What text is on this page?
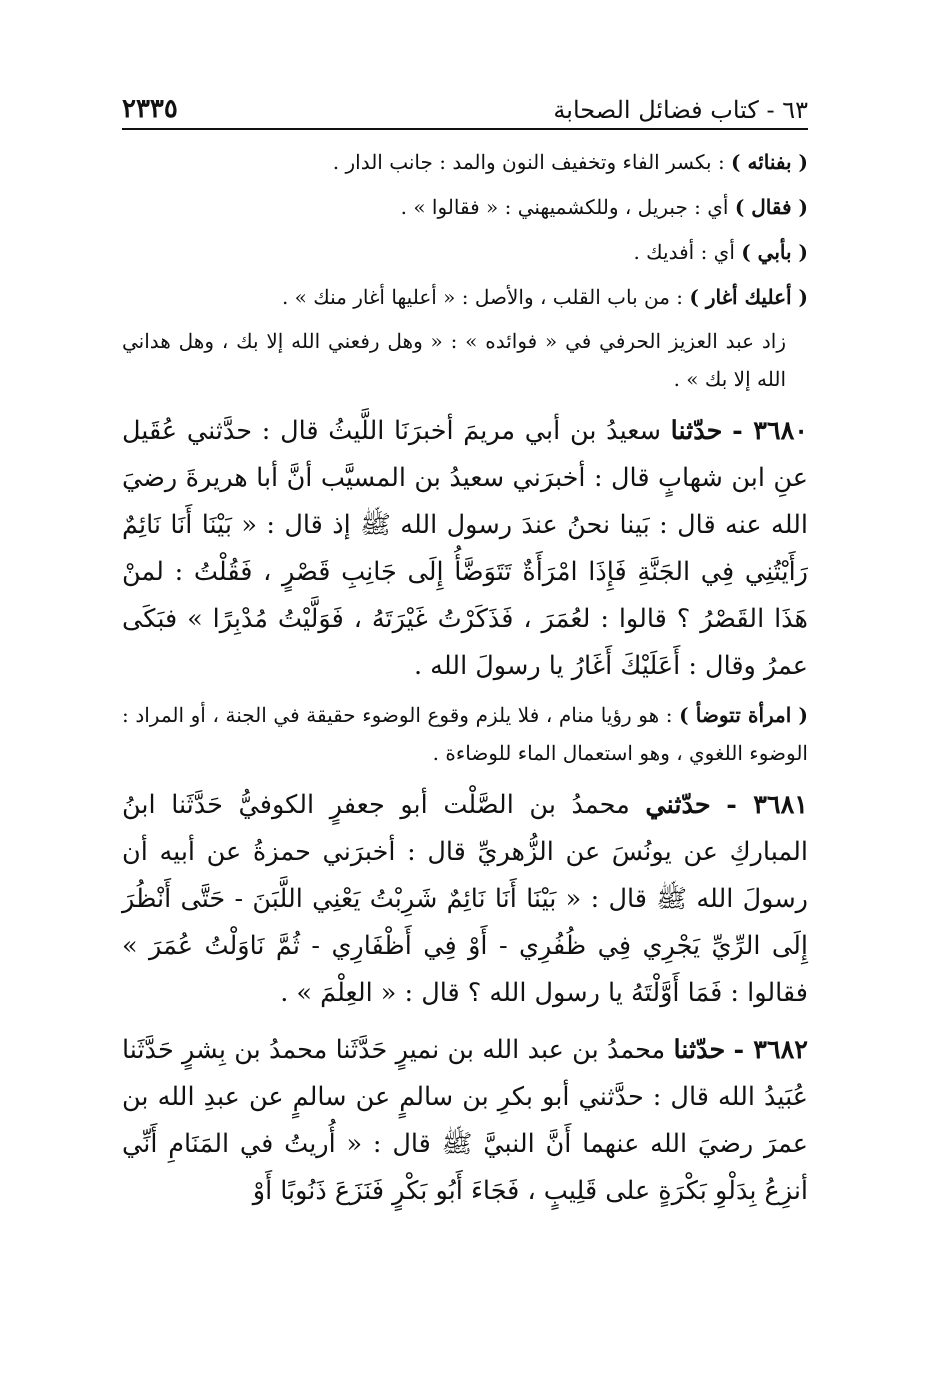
٦٣ - كتاب فضائل الصحابة
٢٣٣٥

( بفنائه ) : بكسر الفاء وتخفيف النون والمد : جانب الدار .

( فقال ) أي : جبريل ، وللكشميهني : « فقالوا » .

( بأبي ) أي : أفديك .

( أعليك أغار ) : من باب القلب ، والأصل : « أعليها أغار منك » .

زاد عبد العزيز الحرفي في « فوائده » : « وهل رفعني الله إلا بك ، وهل هداني الله إلا بك » .

٣٦٨٠ - حدّثنا سعيدُ بن أبي مريمَ أخبرَنَا اللَّيثُ قال : حدَّثني عُقَيل عنِ ابن شهابٍ قال : أخبرَني سعيدُ بن المسيَّب أنَّ أبا هريرةَ رضيَ الله عنه قال : بَينا نحنُ عندَ رسول الله ﷺ إذ قال : « بَيْنَا أَنَا نَائِمٌ رَأَيْتُنِي فِي الجَنَّةِ فَإِذَا امْرَأَةٌ تَتَوَضَّأُ إِلَى جَانِبِ قَصْرٍ ، فَقُلْتُ : لمنْ هَذَا القَصْرُ ؟ قالوا : لعُمَرَ ، فَذَكَرْتُ غَيْرَتَهُ ، فَوَلَّيْتُ مُدْبِرًا » فبَكَى عمرُ وقال : أَعَلَيْكَ أَغَارُ يا رسولَ الله .

( امرأة تتوضأ ) : هو رؤيا منام ، فلا يلزم وقوع الوضوء حقيقة في الجنة ، أو المراد : الوضوء اللغوي ، وهو استعمال الماء للوضاءة .

٣٦٨١ - حدّثني محمدُ بن الصَّلْت أبو جعفرٍ الكوفيُّ حَدَّثَنا ابنُ المباركِ عن يونُسَ عن الزُّهريِّ قال : أخبرَني حمزةُ عن أبيه أن رسولَ الله ﷺ قال : « بَيْنَا أَنَا نَائِمٌ شَرِبْتُ يَعْنِي اللَّبَنَ - حَتَّى أَنْظُرَ إِلَى الرِّيِّ يَجْرِي فِي ظُفُرِي - أَوْ فِي أَظْفَارِي - ثُمَّ نَاوَلْتُ عُمَرَ » فقالوا : فَمَا أَوَّلْتَهُ يا رسول الله ؟ قال : « العِلْمَ » .

٣٦٨٢ - حدّثنا محمدُ بن عبد الله بن نميرٍ حَدَّثَنا محمدُ بن بِشرٍ حَدَّثَنا عُبَيدُ الله قال : حدَّثني أبو بكرِ بن سالمٍ عن سالمٍ عن عبدِ الله بن عمرَ رضيَ الله عنهما أَنَّ النبيَّ ﷺ قال : « أُريتُ في المَنَامِ أَنِّي أنزِعُ بِدَلْوِ بَكْرَةٍ على قَلِيبٍ ، فَجَاءَ أَبُو بَكْرٍ فَنَزَعَ ذَنُوبًا أَوْ
